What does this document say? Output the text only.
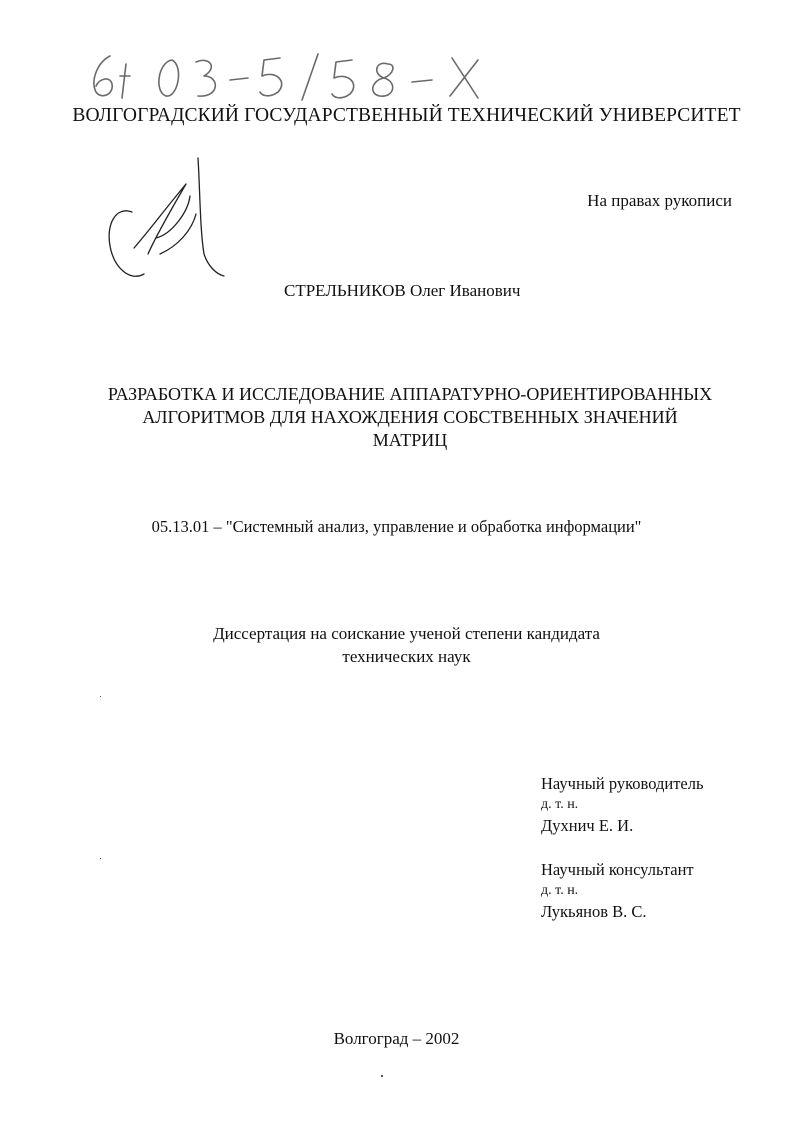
ВОЛГОГРАДСКИЙ ГОСУДАРСТВЕННЫЙ ТЕХНИЧЕСКИЙ УНИВЕРСИТЕТ
На правах рукописи
СТРЕЛЬНИКОВ Олег Иванович
РАЗРАБОТКА И ИССЛЕДОВАНИЕ АППАРАТУРНО-ОРИЕНТИРОВАННЫХ
АЛГОРИТМОВ ДЛЯ НАХОЖДЕНИЯ СОБСТВЕННЫХ ЗНАЧЕНИЙ
МАТРИЦ
05.13.01 – "Системный анализ, управление и обработка информации"
Диссертация на соискание ученой степени кандидата
технических наук
Научный руководитель
д. т. н.
Духнич Е. И.
Научный консультант
д. т. н.
Лукьянов В. С.
Волгоград – 2002
